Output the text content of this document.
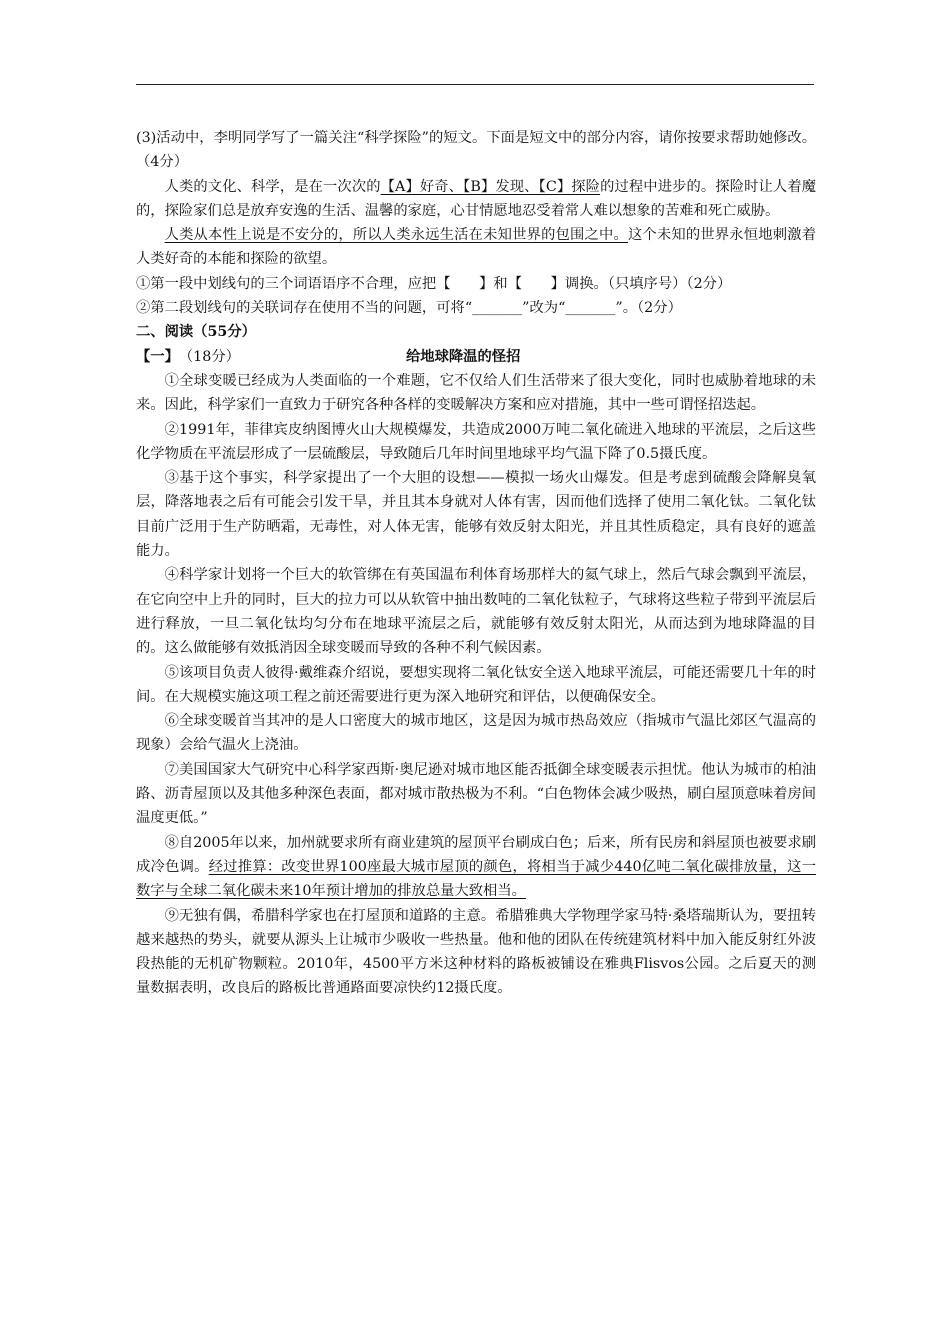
(3)活动中，李明同学写了一篇关注“科学探险”的短文。下面是短文中的部分内容，请你按要求帮助她修改。（4分）

人类的文化、科学，是在一次次的【A】好奇、【B】发现、【C】探险的过程中进步的。探险时让人着魔的，探险家们总是放弃安逸的生活、温馨的家庭，心甘情愿地忍受着常人难以想象的苦难和死亡威胁。

人类从本性上说是不安分的，所以人类永远生活在未知世界的包围之中。这个未知的世界永恒地刺激着人类好奇的本能和探险的欲望。

①第一段中划线句的三个词语语序不合理，应把【　　】和【　　】调换。（只填序号）（2分）

②第二段划线句的关联词存在使用不当的问题，可将“_______”改为“_______”。（2分）

二、阅读（55分）

【一】 （18分）	给地球降温的怪招

①全球变暖已经成为人类面临的一个难题，它不仅给人们生活带来了很大变化，同时也威胁着地球的未来。因此，科学家们一直致力于研究各种各样的变暖解决方案和应对措施，其中一些可谓怪招迭起。

②1991年，菲律宾皮纳图博火山大规模爆发，共造成2000万吨二氧化硫进入地球的平流层，之后这些化学物质在平流层形成了一层硫酸层，导致随后几年时间里地球平均气温下降了0.5摄氏度。

③基于这个事实，科学家提出了一个大胆的设想——模拟一场火山爆发。但是考虑到硫酸会降解臭氧层，降落地表之后有可能会引发干旱，并且其本身就对人体有害，因而他们选择了使用二氧化钛。二氧化钛目前广泛用于生产防晒霜，无毒性，对人体无害，能够有效反射太阳光，并且其性质稳定，具有良好的遮盖能力。

④科学家计划将一个巨大的软管绑在有英国温布利体育场那样大的氦气球上，然后气球会飘到平流层，在它向空中上升的同时，巨大的拉力可以从软管中抽出数吨的二氧化钛粒子，气球将这些粒子带到平流层后进行释放，一旦二氧化钛均匀分布在地球平流层之后，就能够有效反射太阳光，从而达到为地球降温的目的。这么做能够有效抵消因全球变暖而导致的各种不利气候因素。

⑤该项目负责人彼得·戴维森介绍说，要想实现将二氧化钛安全送入地球平流层，可能还需要几十年的时间。在大规模实施这项工程之前还需要进行更为深入地研究和评估，以便确保安全。

⑥全球变暖首当其冲的是人口密度大的城市地区，这是因为城市热岛效应（指城市气温比郊区气温高的现象）会给气温火上浇油。

⑦美国国家大气研究中心科学家西斯·奥尼逊对城市地区能否抵御全球变暖表示担忧。他认为城市的柏油路、沥青屋顶以及其他多种深色表面，都对城市散热极为不利。“白色物体会减少吸热，刷白屋顶意味着房间温度更低。”

⑧自2005年以来，加州就要求所有商业建筑的屋顶平台刷成白色；后来，所有民房和斜屋顶也被要求刷成冷色调。经过推算：改变世界100座最大城市屋顶的颜色，将相当于减少440亿吨二氧化碳排放量，这一数字与全球二氧化碳未来10年预计增加的排放总量大致相当。

⑨无独有偶，希腊科学家也在打屋顶和道路的主意。希腊雅典大学物理学家马特·桑塔瑞斯认为，要扭转越来越热的势头，就要从源头上让城市少吸收一些热量。他和他的团队在传统建筑材料中加入能反射红外波段热能的无机矿物颗粒。2010年，4500平方米这种材料的路板被铺设在雅典Flisvos公园。之后夏天的测量数据表明，改良后的路板比普通路面要凉快约12摄氏度。
